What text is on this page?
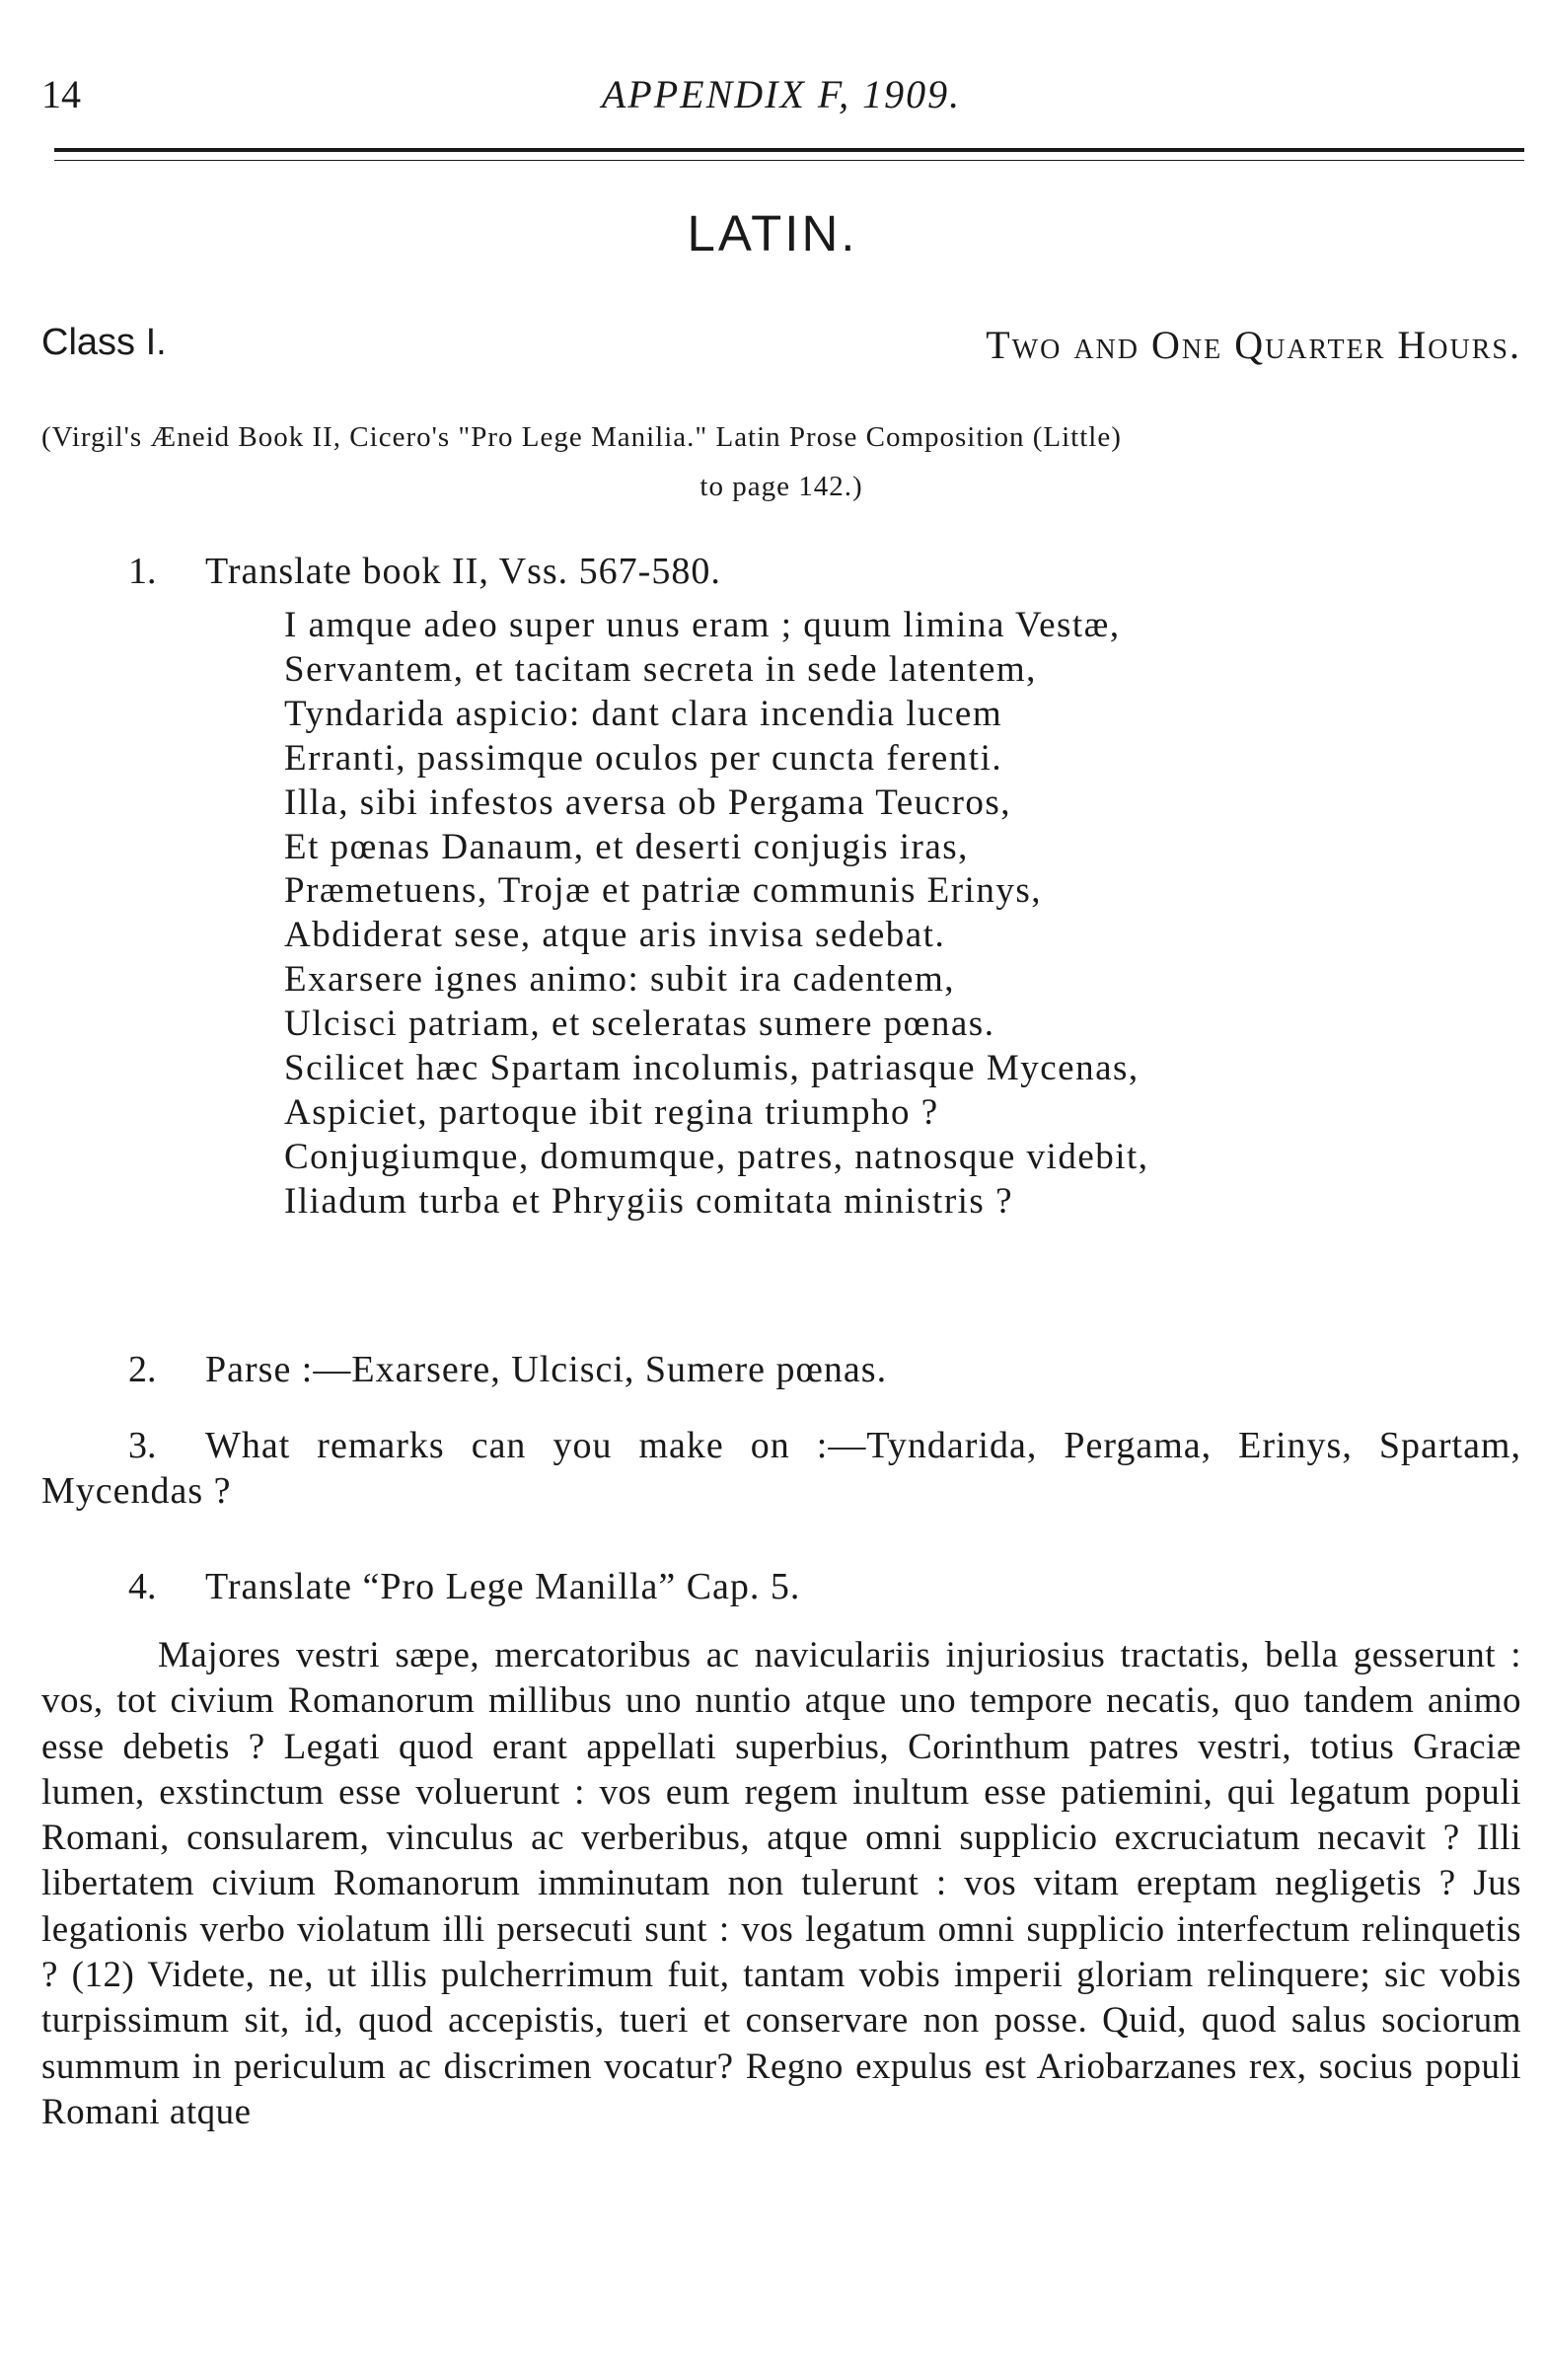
14	APPENDIX F, 1909.
LATIN.
Class I.	Two and One Quarter Hours.
(Virgil's Æneid Book II, Cicero's "Pro Lege Manilia." Latin Prose Composition (Little)
to page 142.)
1. Translate book II, Vss. 567-580.
I amque adeo super unus eram ; quum limina Vestæ,
Servantem, et tacitam secreta in sede latentem,
Tyndarida aspicio: dant clara incendia lucem
Erranti, passimque oculos per cuncta ferenti.
Illa, sibi infestos aversa ob Pergama Teucros,
Et pœnas Danaum, et deserti conjugis iras,
Præmetuens, Trojæ et patriæ communis Erinys,
Abdiderat sese, atque aris invisa sedebat.
Exarsere ignes animo: subit ira cadentem,
Ulcisci patriam, et sceleratas sumere pœnas.
Scilicet hæc Spartam incolumis, patriasque Mycenas,
Aspiciet, partoque ibit regina triumpho ?
Conjugiumque, domumque, patres, natnosque videbit,
Iliadum turba et Phrygiis comitata ministris ?
2. Parse :—Exarsere, Ulcisci, Sumere pœnas.
3. What remarks can you make on :—Tyndarida, Pergama, Erinys, Spartam, Mycendas ?
4. Translate “Pro Lege Manilla” Cap. 5.
Majores vestri sæpe, mercatoribus ac naviculariis injuriosius tractatis, bella gesserunt : vos, tot civium Romanorum millibus uno nuntio atque uno tempore necatis, quo tandem animo esse debetis ? Legati quod erant appellati superbius, Corinthum patres vestri, totius Graciæ lumen, exstinctum esse voluerunt : vos eum regem inultum esse patiemini, qui legatum populi Romani, consularem, vinculus ac verberibus, atque omni supplicio excruciatum necavit ? Illi libertatem civium Romanorum imminutam non tulerunt : vos vitam ereptam negligetis ? Jus legationis verbo violatum illi persecuti sunt : vos legatum omni supplicio interfectum relinquetis ? (12) Videte, ne, ut illis pulcherrimum fuit, tantam vobis imperii gloriam relinquere; sic vobis turpissimum sit, id, quod accepistis, tueri et conservare non posse. Quid, quod salus sociorum summum in periculum ac discrimen vocatur? Regno expulus est Ariobarzanes rex, socius populi Romani atque
